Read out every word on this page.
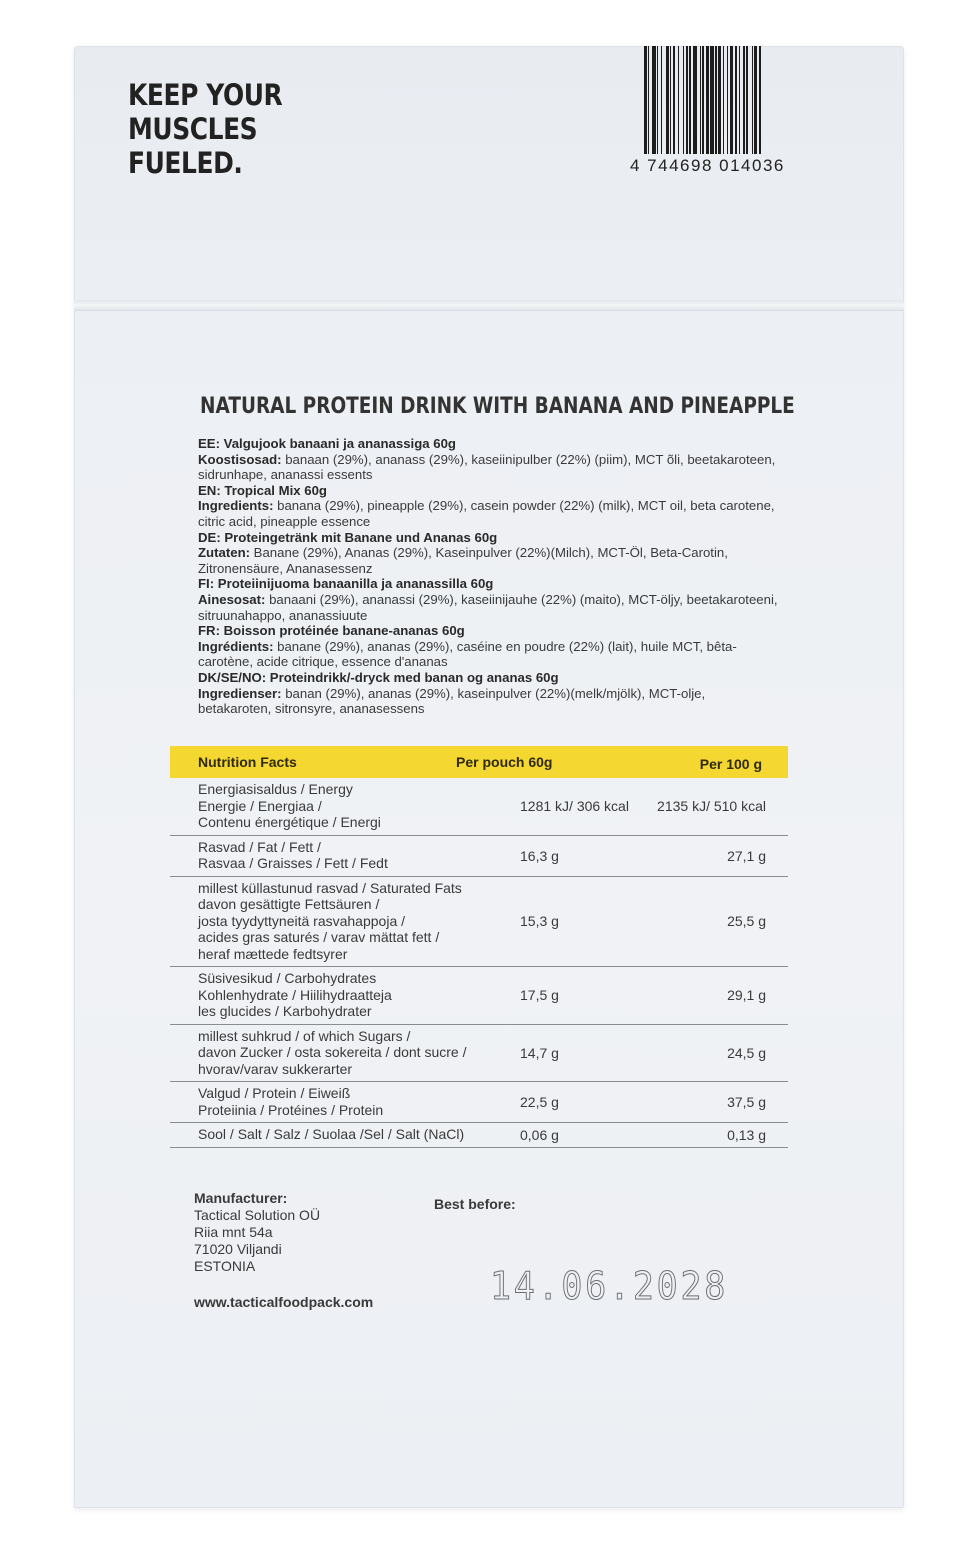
KEEP YOUR
MUSCLES
FUELED.	4 744698 014036
NATURAL PROTEIN DRINK WITH BANANA AND PINEAPPLE

EE: Valgujook banaani ja ananassiga 60g
Koostisosad: banaan (29%), ananass (29%), kaseiinipulber (22%) (piim), MCT õli, beetakaroteen, sidrunhape, ananassi essents

EN: Tropical Mix 60g
Ingredients: banana (29%), pineapple (29%), casein powder (22%) (milk), MCT oil, beta carotene, citric acid, pineapple essence

DE: Proteingetränk mit Banane und Ananas 60g
Zutaten: Banane (29%), Ananas (29%), Kaseinpulver (22%)(Milch), MCT-Öl, Beta-Carotin, Zitronensäure, Ananasessenz

FI: Proteiinijuoma banaanilla ja ananassilla 60g
Ainesosat: banaani (29%), ananassi (29%), kaseiinijauhe (22%) (maito), MCT-öljy, beetakaroteeni, sitruunahappo, ananassiuute

FR: Boisson protéinée banane-ananas 60g
Ingrédients: banane (29%), ananas (29%), caséine en poudre (22%) (lait), huile MCT, bêta-carotène, acide citrique, essence d'ananas

DK/SE/NO: Proteindrikk/-dryck med banan og ananas 60g
Ingredienser: banan (29%), ananas (29%), kaseinpulver (22%)(melk/mjölk), MCT-olje, betakaroten, sitronsyre, ananasessens

Nutrition Facts	Per pouch 60g	Per 100 g
Energiasisaldus / Energy
Energie / Energiaa /
Contenu énergétique / Energi
1281 kJ/ 306 kcal 2135 kJ/ 510 kcal
Rasvad / Fat / Fett /
Rasvaa / Graisses / Fett / Fedt	16,3 g	27,1 g
millest küllastunud rasvad / Saturated Fats
davon gesättigte Fettsäuren /
josta tyydyttyneitä rasvahappoja /
acides gras saturés / varav mättat fett /
heraf mættede fedtsyrer
15,3 g	25,5 g
Süsivesikud / Carbohydrates
Kohlenhydrate / Hiilihydraatteja
les glucides / Karbohydrater
17,5 g	29,1 g
millest suhkrud / of which Sugars /
davon Zucker / osta sokereita / dont sucre /
hvorav/varav sukkerarter
14,7 g	24,5 g
Valgud / Protein / Eiweiß
Proteiinia / Protéines / Protein	22,5 g	37,5 g
Sool / Salt / Salz / Suolaa /Sel / Salt (NaCl)	0,06 g	0,13 g
Manufacturer:
Tactical Solution OÜ
Riia mnt 54a
71020 Viljandi
ESTONIA
Best before:
14.06.2028
www.tacticalfoodpack.com
